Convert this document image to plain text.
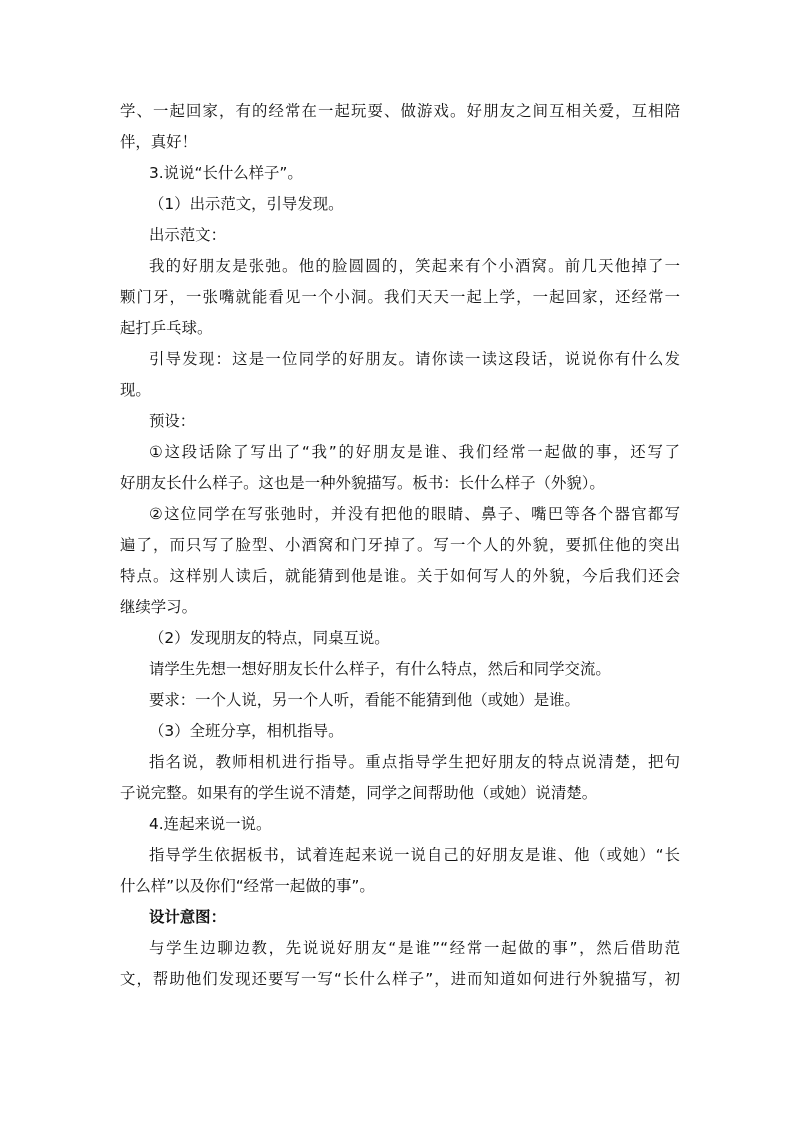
学、一起回家，有的经常在一起玩耍、做游戏。好朋友之间互相关爱，互相陪
伴，真好！
3.说说“长什么样子”。
（1）出示范文，引导发现。
出示范文：
我的好朋友是张弛。他的脸圆圆的，笑起来有个小酒窝。前几天他掉了一
颗门牙，一张嘴就能看见一个小洞。我们天天一起上学，一起回家，还经常一
起打乒乓球。
引导发现：这是一位同学的好朋友。请你读一读这段话，说说你有什么发
现。
预设：
①这段话除了写出了“我”的好朋友是谁、我们经常一起做的事，还写了
好朋友长什么样子。这也是一种外貌描写。板书：长什么样子（外貌）。
②这位同学在写张弛时，并没有把他的眼睛、鼻子、嘴巴等各个器官都写
遍了，而只写了脸型、小酒窝和门牙掉了。写一个人的外貌，要抓住他的突出
特点。这样别人读后，就能猜到他是谁。关于如何写人的外貌，今后我们还会
继续学习。
（2）发现朋友的特点，同桌互说。
请学生先想一想好朋友长什么样子，有什么特点，然后和同学交流。
要求：一个人说，另一个人听，看能不能猜到他（或她）是谁。
（3）全班分享，相机指导。
指名说，教师相机进行指导。重点指导学生把好朋友的特点说清楚，把句
子说完整。如果有的学生说不清楚，同学之间帮助他（或她）说清楚。
4.连起来说一说。
指导学生依据板书，试着连起来说一说自己的好朋友是谁、他（或她）“长
什么样”以及你们“经常一起做的事”。
设计意图：
与学生边聊边教，先说说好朋友“是谁”“经常一起做的事”，然后借助范
文，帮助他们发现还要写一写“长什么样子”，进而知道如何进行外貌描写，初
